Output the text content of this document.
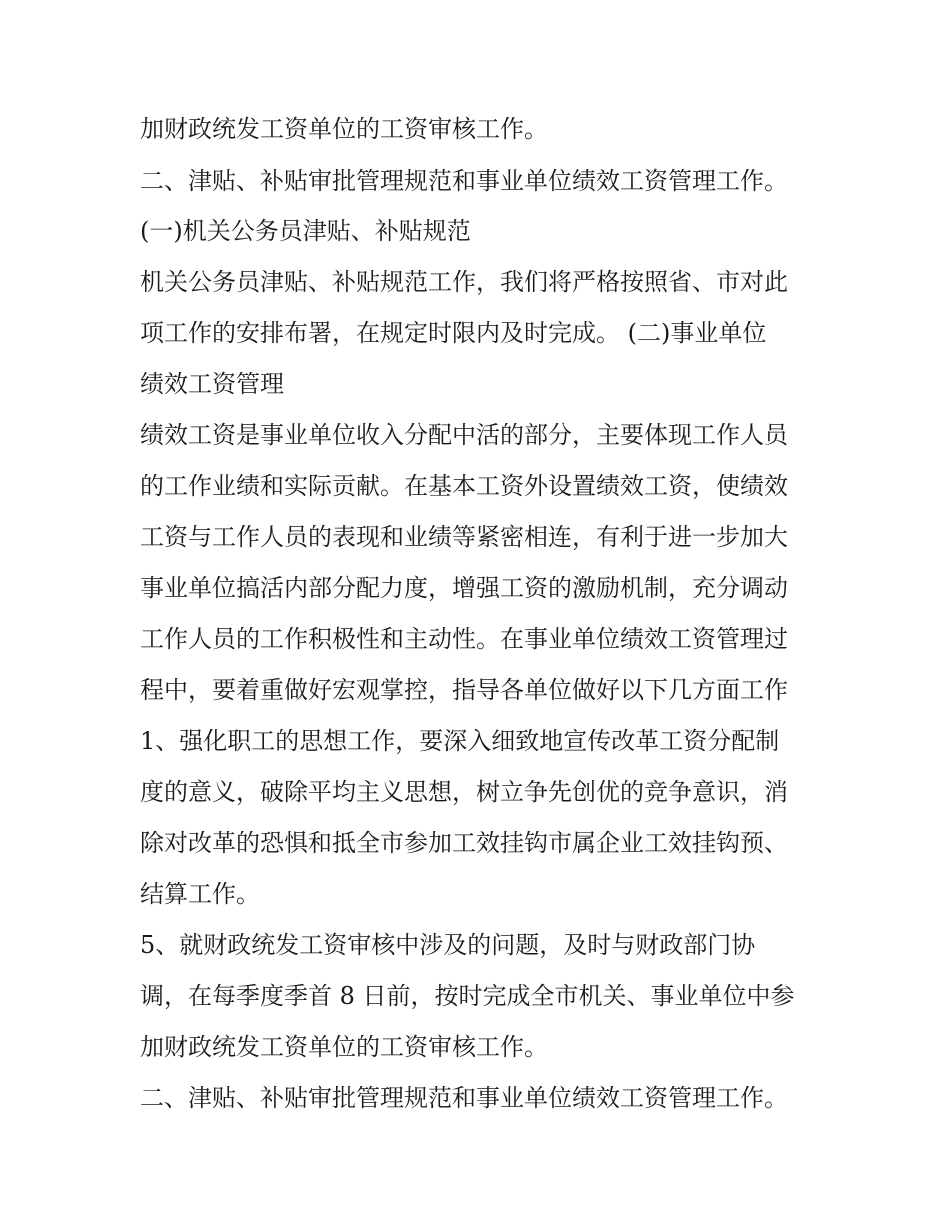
加财政统发工资单位的工资审核工作。
二、津贴、补贴审批管理规范和事业单位绩效工资管理工作。
(一)机关公务员津贴、补贴规范
机关公务员津贴、补贴规范工作，我们将严格按照省、市对此
项工作的安排布署，在规定时限内及时完成。 (二)事业单位
绩效工资管理
绩效工资是事业单位收入分配中活的部分，主要体现工作人员
的工作业绩和实际贡献。在基本工资外设置绩效工资，使绩效
工资与工作人员的表现和业绩等紧密相连，有利于进一步加大
事业单位搞活内部分配力度，增强工资的激励机制，充分调动
工作人员的工作积极性和主动性。在事业单位绩效工资管理过
程中，要着重做好宏观掌控，指导各单位做好以下几方面工作
1、强化职工的思想工作，要深入细致地宣传改革工资分配制
度的意义，破除平均主义思想，树立争先创优的竞争意识，消
除对改革的恐惧和抵全市参加工效挂钩市属企业工效挂钩预、
结算工作。
5、就财政统发工资审核中涉及的问题，及时与财政部门协
调，在每季度季首 8 日前，按时完成全市机关、事业单位中参
加财政统发工资单位的工资审核工作。
二、津贴、补贴审批管理规范和事业单位绩效工资管理工作。
